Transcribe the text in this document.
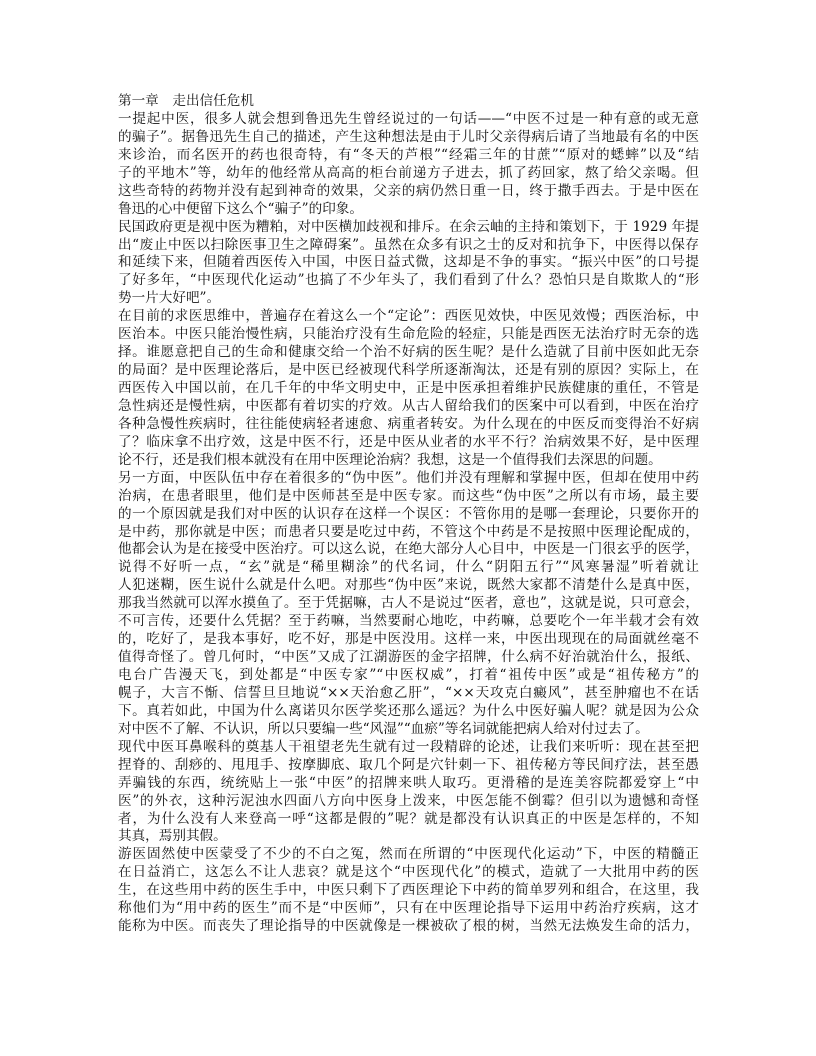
第一章　走出信任危机
一提起中医，很多人就会想到鲁迅先生曾经说过的一句话——“中医不过是一种有意的或无意
的骗子”。据鲁迅先生自己的描述，产生这种想法是由于儿时父亲得病后请了当地最有名的中医
来诊治，而名医开的药也很奇特，有“冬天的芦根”“经霜三年的甘蔗”“原对的蟋蟀”以及“结
子的平地木”等，幼年的他经常从高高的柜台前递方子进去，抓了药回家，熬了给父亲喝。但
这些奇特的药物并没有起到神奇的效果，父亲的病仍然日重一日，终于撒手西去。于是中医在
鲁迅的心中便留下这么个“骗子”的印象。
民国政府更是视中医为糟粕，对中医横加歧视和排斥。在余云岫的主持和策划下，于 1929 年提
出“废止中医以扫除医事卫生之障碍案”。虽然在众多有识之士的反对和抗争下，中医得以保存
和延续下来，但随着西医传入中国，中医日益式微，这却是不争的事实。“振兴中医”的口号提
了好多年，“中医现代化运动”也搞了不少年头了，我们看到了什么？恐怕只是自欺欺人的“形
势一片大好吧”。
在目前的求医思维中，普遍存在着这么一个“定论”：西医见效快，中医见效慢；西医治标，中
医治本。中医只能治慢性病，只能治疗没有生命危险的轻症，只能是西医无法治疗时无奈的选
择。谁愿意把自己的生命和健康交给一个治不好病的医生呢？是什么造就了目前中医如此无奈
的局面？是中医理论落后，是中医已经被现代科学所逐渐淘汰，还是有别的原因？实际上，在
西医传入中国以前，在几千年的中华文明史中，正是中医承担着维护民族健康的重任，不管是
急性病还是慢性病，中医都有着切实的疗效。从古人留给我们的医案中可以看到，中医在治疗
各种急慢性疾病时，往往能使病轻者速愈、病重者转安。为什么现在的中医反而变得治不好病
了？临床拿不出疗效，这是中医不行，还是中医从业者的水平不行？治病效果不好，是中医理
论不行，还是我们根本就没有在用中医理论治病？我想，这是一个值得我们去深思的问题。
另一方面，中医队伍中存在着很多的“伪中医”。他们并没有理解和掌握中医，但却在使用中药
治病，在患者眼里，他们是中医师甚至是中医专家。而这些“伪中医”之所以有市场，最主要
的一个原因就是我们对中医的认识存在这样一个误区：不管你用的是哪一套理论，只要你开的
是中药，那你就是中医；而患者只要是吃过中药，不管这个中药是不是按照中医理论配成的，
他都会认为是在接受中医治疗。可以这么说，在绝大部分人心目中，中医是一门很玄乎的医学，
说得不好听一点，“玄”就是“稀里糊涂”的代名词，什么“阴阳五行”“风寒暑湿”听着就让
人犯迷糊，医生说什么就是什么吧。对那些“伪中医”来说，既然大家都不清楚什么是真中医，
那我当然就可以浑水摸鱼了。至于凭据嘛，古人不是说过“医者，意也”，这就是说，只可意会，
不可言传，还要什么凭据？至于药嘛，当然要耐心地吃，中药嘛，总要吃个一年半载才会有效
的，吃好了，是我本事好，吃不好，那是中医没用。这样一来，中医出现现在的局面就丝毫不
值得奇怪了。曾几何时，“中医”又成了江湖游医的金字招牌，什么病不好治就治什么，报纸、
电台广告漫天飞，到处都是“中医专家”“中医权威”，打着“祖传中医”或是“祖传秘方”的
幌子，大言不惭、信誓旦旦地说“××天治愈乙肝”，“××天攻克白癜风”，甚至肿瘤也不在话
下。真若如此，中国为什么离诺贝尔医学奖还那么遥远？为什么中医好骗人呢？就是因为公众
对中医不了解、不认识，所以只要编一些“风湿”“血瘀”等名词就能把病人给对付过去了。
现代中医耳鼻喉科的奠基人干祖望老先生就有过一段精辟的论述，让我们来听听：现在甚至把
捏脊的、刮痧的、甩甩手、按摩脚底、取几个阿是穴针刺一下、祖传秘方等民间疗法，甚至愚
弄骗钱的东西，统统贴上一张“中医”的招牌来哄人取巧。更滑稽的是连美容院都爱穿上“中
医”的外衣，这种污泥浊水四面八方向中医身上泼来，中医怎能不倒霉？但引以为遗憾和奇怪
者，为什么没有人来登高一呼“这都是假的”呢？就是都没有认识真正的中医是怎样的，不知
其真，焉别其假。
游医固然使中医蒙受了不少的不白之冤，然而在所谓的“中医现代化运动”下，中医的精髓正
在日益消亡，这怎么不让人悲哀？就是这个“中医现代化”的模式，造就了一大批用中药的医
生，在这些用中药的医生手中，中医只剩下了西医理论下中药的简单罗列和组合，在这里，我
称他们为“用中药的医生”而不是“中医师”，只有在中医理论指导下运用中药治疗疾病，这才
能称为中医。而丧失了理论指导的中医就像是一棵被砍了根的树，当然无法焕发生命的活力，
